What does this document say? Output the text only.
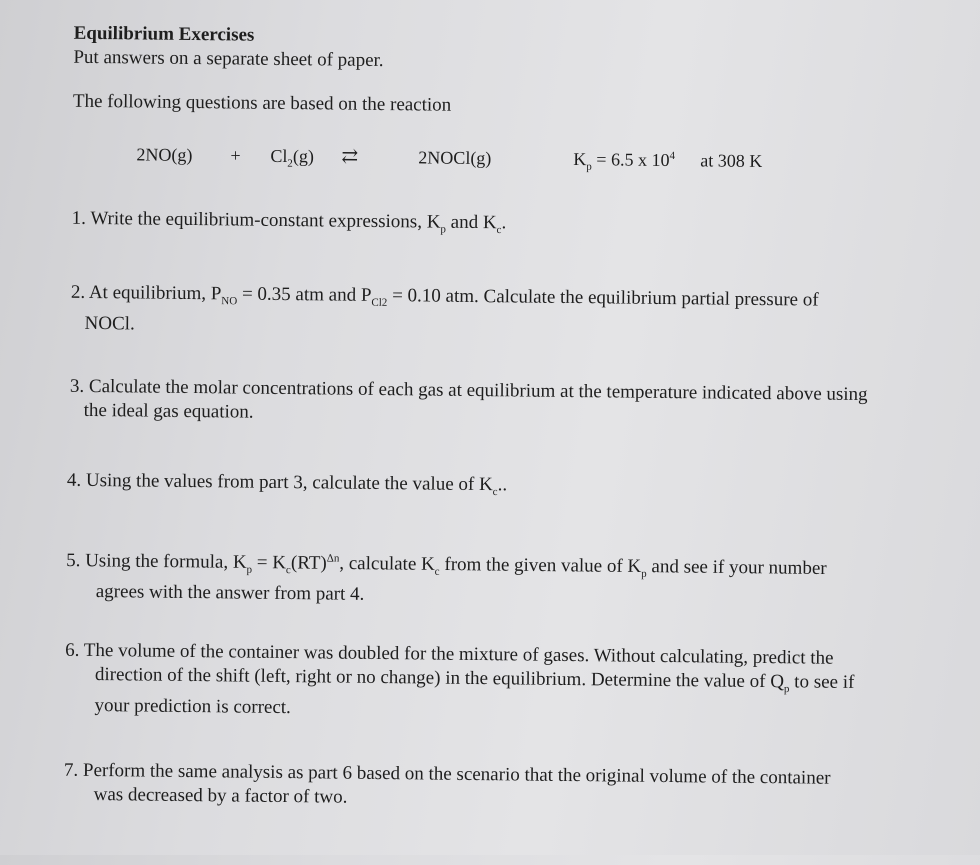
Equilibrium Exercises
Put answers on a separate sheet of paper.
The following questions are based on the reaction
$2NO(g) + Cl_2(g)$ ⇄	2NOCl(g)	$K_p = 6.5$ x $10^4$ at 308 K
1. Write the equilibrium-constant expressions, $K_p$ and $K_c$.
2. At equilibrium, $P_{NO} = 0.35$ atm and $P_{Cl2} = 0.10$ atm. Calculate the equilibrium partial pressure of
NOCl.
3. Calculate the molar concentrations of each gas at equilibrium at the temperature indicated above using
the ideal gas equation.
4. Using the values from part 3, calculate the value of $K_c$..
5. Using the formula, $K_p = K_c(RT)^{\Delta n}$, calculate $K_c$ from the given value of $K_p$ and see if your number
agrees with the answer from part 4.
6. The volume of the container was doubled for the mixture of gases. Without calculating, predict the
direction of the shift (left, right or no change) in the equilibrium. Determine the value of $Q_p$ to see if
your prediction is correct.
7. Perform the same analysis as part 6 based on the scenario that the original volume of the container
was decreased by a factor of two.
